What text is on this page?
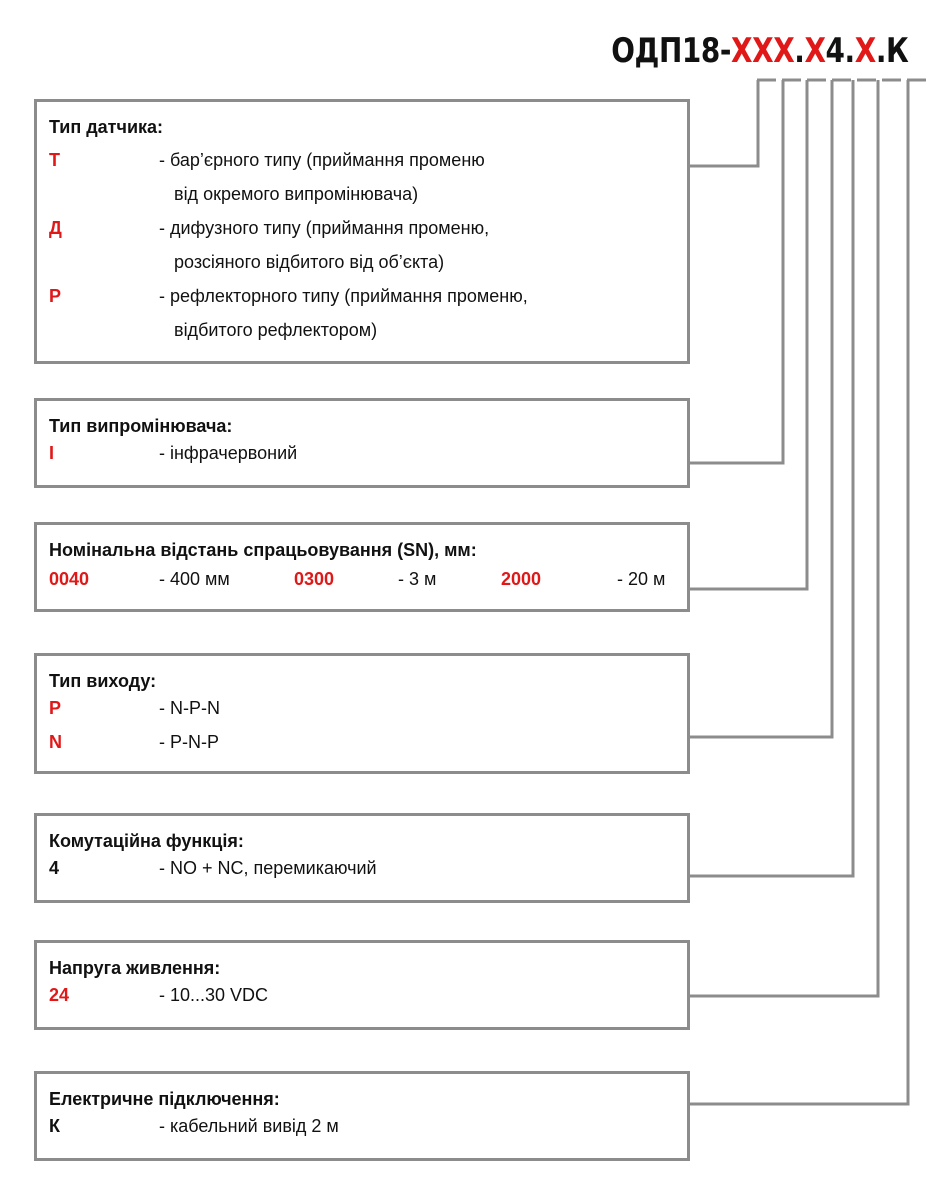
ОДП18-XXX.X4.X.К
Тип датчика:
Т	- бар’єрного типу (приймання променю
від окремого випромінювача)
Д	- дифузного типу (приймання променю,
розсіяного відбитого від об’єкта)
Р	- рефлекторного типу (приймання променю,
відбитого рефлектором)
Тип випромінювача:
I	- інфрачервоний
Номінальна відстань спрацьовування (SN), мм:
0040	- 400 мм	0300	- 3 м	2000	- 20 м
Тип виходу:
P	- N-P-N
N	- P-N-P
Комутаційна функція:
4	- NO + NC, перемикаючий
Напруга живлення:
24	- 10...30 VDC
Електричне підключення:
К	- кабельний вивід 2 м
